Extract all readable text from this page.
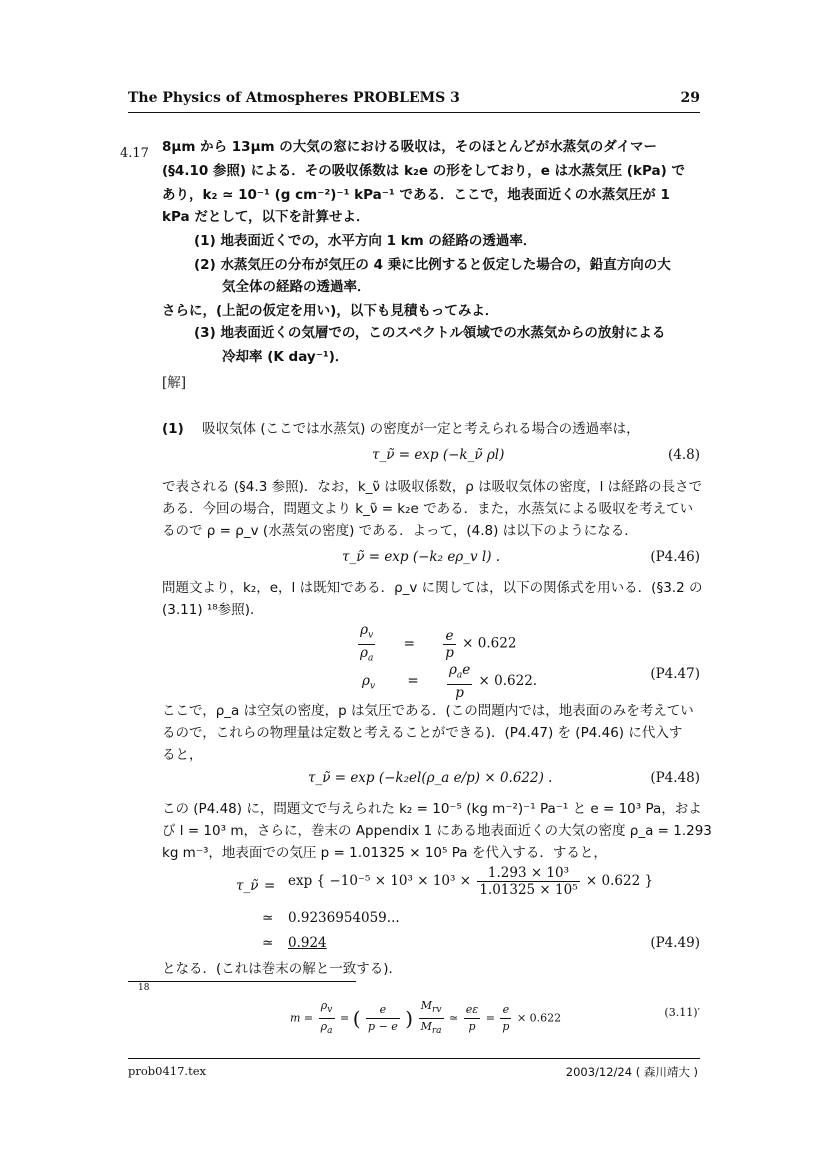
The Physics of Atmospheres PROBLEMS 3	29
4.17 8μm から 13μm の大気の窓における吸収は，そのほとんどが水蒸気のダイマー
(§4.10 参照) による．その吸収係数は k₂e の形をしており，e は水蒸気圧 (kPa) で
あり，k₂ ≃ 10⁻¹ (g cm⁻²)⁻¹ kPa⁻¹ である．ここで，地表面近くの水蒸気圧が 1
kPa だとして，以下を計算せよ．
(1) 地表面近くでの，水平方向 1 km の経路の透過率．
(2) 水蒸気圧の分布が気圧の 4 乗に比例すると仮定した場合の，鉛直方向の大
気全体の経路の透過率．
さらに，(上記の仮定を用い)，以下も見積もってみよ．
(3) 地表面近くの気層での，このスペクトル領域での水蒸気からの放射による
冷却率 (K day⁻¹)．
[解]
(1) 吸収気体 (ここでは水蒸気) の密度が一定と考えられる場合の透過率は，
τ_ν̃ = exp (−k_ν̃ ρl)	(4.8)
で表される (§4.3 参照)．なお，k_ν̃ は吸収係数，ρ は吸収気体の密度，l は経路の長さで
ある．今回の場合，問題文より k_ν̃ = k₂e である．また，水蒸気による吸収を考えてい
るので ρ = ρ_v (水蒸気の密度) である．よって，(4.8) は以下のようになる．
τ_ν̃ = exp (−k₂ eρ_v l) .	(P4.46)
問題文より，k₂，e，l は既知である．ρ_v に関しては，以下の関係式を用いる．(§3.2 の
(3.11) ¹⁸参照)．
$\frac{\rho_v}{\rho_a} = \frac{e}{p} \times 0.622$
$\rho_v = \frac{\rho_ae}{p} \times 0.622$.	(P4.47)
ここで，ρ_a は空気の密度，p は気圧である．(この問題内では，地表面のみを考えてい
るので，これらの物理量は定数と考えることができる)．(P4.47) を (P4.46) に代入す
ると，
τ_ν̃ = exp (−k₂el(ρ_a e/p) × 0.622) .	(P4.48)
この (P4.48) に，問題文で与えられた k₂ = 10⁻⁵ (kg m⁻²)⁻¹ Pa⁻¹ と e = 10³ Pa，およ
び l = 10³ m，さらに，巻末の Appendix 1 にある地表面近くの大気の密度 ρ_a = 1.293
kg m⁻³，地表面での気圧 p = 1.01325 × 10⁵ Pa を代入する．すると，
τ_ν̃ = exp { $-10^{-5} \times 10^3 \times 10^3 \times \frac{\text{1.293 × 10³}}{\text{1.01325 × 10⁵}} \times 0.622$ }
≃ 0.9236954059...
≃ 0.924	(P4.49)
となる．(これは巻末の解と一致する)．
18
$m = \frac{\rho_v}{\rho_a}$ = ( $\frac{e}{p - e}$ ) $\frac{M_{rv}}{M_{ra}}$ ≃ $\frac{e\varepsilon}{p} = \frac{e}{p} \times 0.622$	(3.11)′
prob0417.tex	2003/12/24 ( 森川靖大 )
